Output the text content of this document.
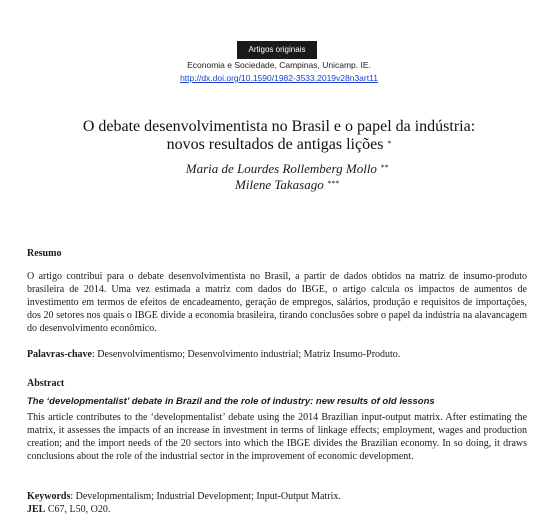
Artigos originais
Economia e Sociedade, Campinas, Unicamp. IE.
http://dx.doi.org/10.1590/1982-3533.2019v28n3art11
O debate desenvolvimentista no Brasil e o papel da indústria:
novos resultados de antigas lições *
Maria de Lourdes Rollemberg Mollo **
Milene Takasago ***
Resumo
O artigo contribui para o debate desenvolvimentista no Brasil, a partir de dados obtidos na matriz de insumo-produto brasileira de 2014. Uma vez estimada a matriz com dados do IBGE, o artigo calcula os impactos de aumentos de investimento em termos de efeitos de encadeamento, geração de empregos, salários, produção e requisitos de importações, dos 20 setores nos quais o IBGE divide a economia brasileira, tirando conclusões sobre o papel da indústria na alavancagem do desenvolvimento econômico.
Palavras-chave: Desenvolvimentismo; Desenvolvimento industrial; Matriz Insumo-Produto.
Abstract
The ‘developmentalist’ debate in Brazil and the role of industry: new results of old lessons
This article contributes to the ‘developmentalist’ debate using the 2014 Brazilian input-output matrix. After estimating the matrix, it assesses the impacts of an increase in investment in terms of linkage effects; employment, wages and production creation; and the import needs of the 20 sectors into which the IBGE divides the Brazilian economy. In so doing, it draws conclusions about the role of the industrial sector in the improvement of economic development.
Keywords: Developmentalism; Industrial Development; Input-Output Matrix.
JEL C67, L50, O20.
